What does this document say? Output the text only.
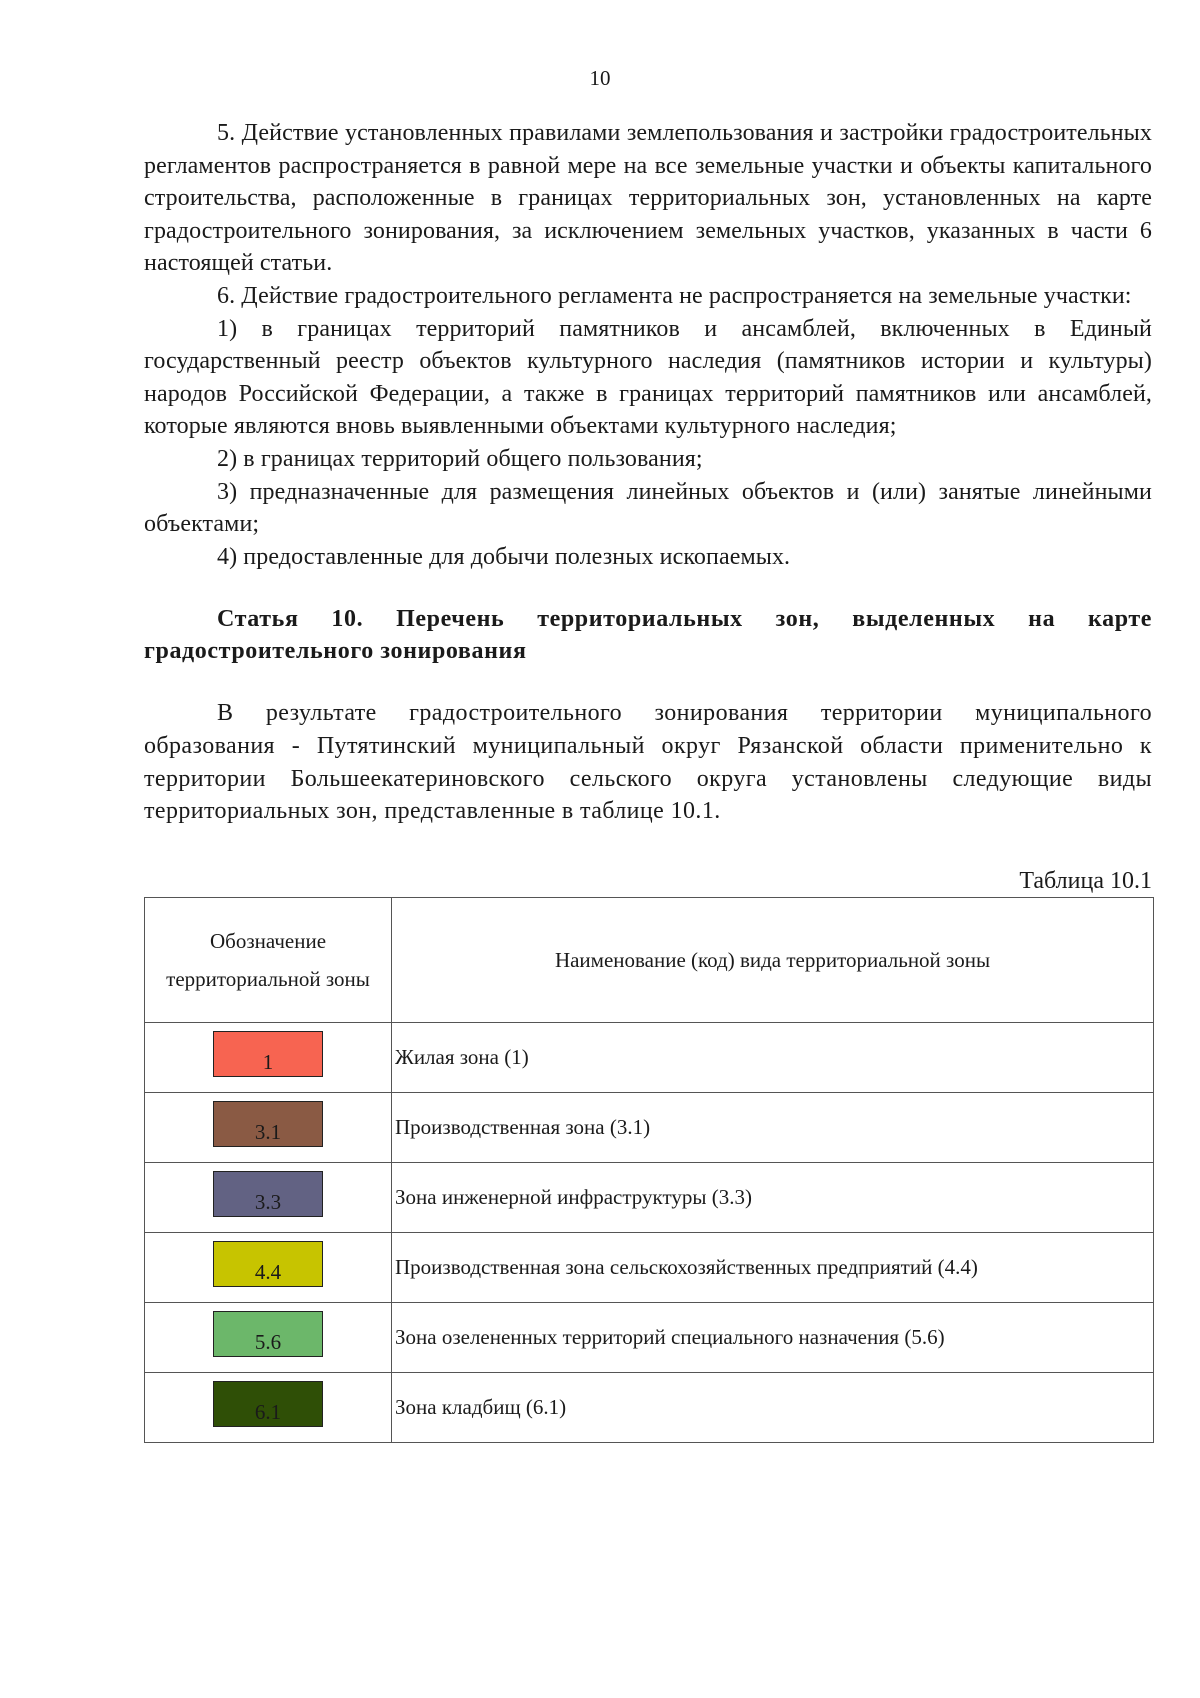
10

5. Действие установленных правилами землепользования и застройки градостроительных регламентов распространяется в равной мере на все земельные участки и объекты капитального строительства, расположенные в границах территориальных зон, установленных на карте градостроительного зонирования, за исключением земельных участков, указанных в части 6 настоящей статьи.

6. Действие градостроительного регламента не распространяется на земельные участки:

1) в границах территорий памятников и ансамблей, включенных в Единый государственный реестр объектов культурного наследия (памятников истории и культуры) народов Российской Федерации, а также в границах территорий памятников или ансамблей, которые являются вновь выявленными объектами культурного наследия;

2) в границах территорий общего пользования;

3) предназначенные для размещения линейных объектов и (или) занятые линейными объектами;

4) предоставленные для добычи полезных ископаемых.

Статья 10. Перечень территориальных зон, выделенных на карте градостроительного зонирования

В результате градостроительного зонирования территории муниципального образования - Путятинский муниципальный округ Рязанской области применительно к территории Большеекатериновского сельского округа установлены следующие виды территориальных зон, представленные в таблице 10.1.

Таблица 10.1

Обозначение территориальной зоны	Наименование (код) вида территориальной зоны

1	Жилая зона (1)

3.1	Производственная зона (3.1)

3.3	Зона инженерной инфраструктуры (3.3)

4.4	Производственная зона сельскохозяйственных предприятий (4.4)

5.6	Зона озелененных территорий специального назначения (5.6)

6.1	Зона кладбищ (6.1)
